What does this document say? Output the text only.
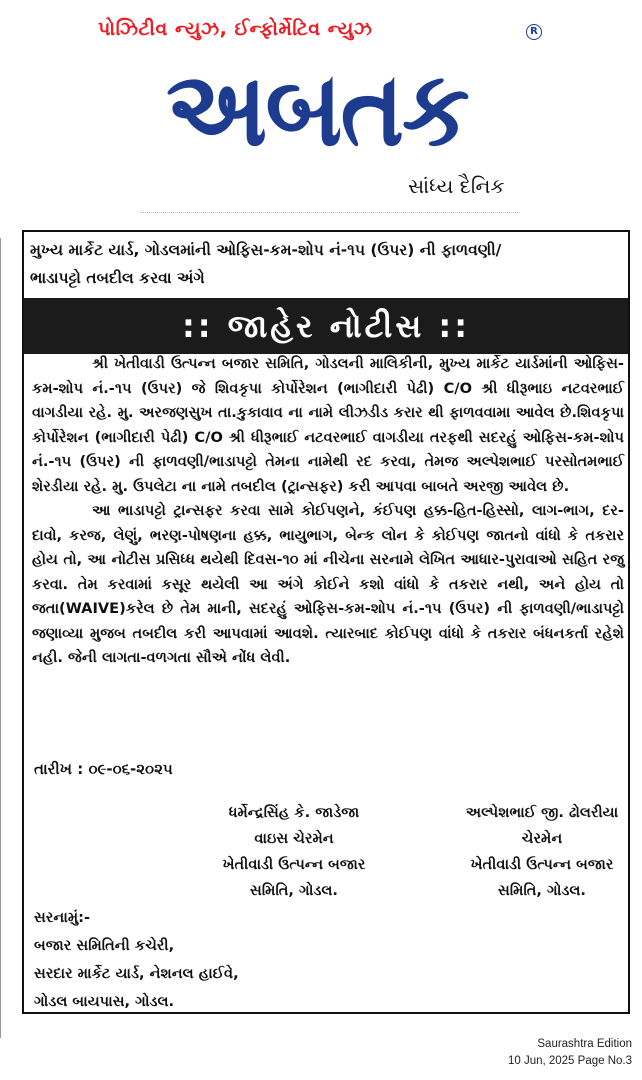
પોઝિટીવ ન્યુઝ, ઈન્ફોર્મેટિવ ન્યુઝ	R
અબતક
સાંધ્ય દૈનિક
મુખ્ય માર્કેટ યાર્ડ, ગોડલમાંની ઓફિસ-કમ-શોપ નં-૧૫ (ઉપર) ની ફાળવણી/
ભાડાપટ્ટો તબદીલ કરવા અંગે
:: જાહેર નોટીસ ::

શ્રી ખેતીવાડી ઉત્પન્ન બજાર સમિતિ, ગોડલની માલિકીની, મુખ્ય માર્કેટ યાર્ડમાંની ઓફિસ-કમ-શોપ નં.-૧૫ (ઉપર) જે શિવકૃપા કોર્પોરેશન (ભાગીદારી પેઢી) C/O શ્રી ધીરૂભાઇ નટવરભાઈ વાગડીયા રહે. મુ. અરજણસુખ તા.કુકાવાવ ના નામે લીઝડીડ કરાર થી ફાળવવામા આવેલ છે.શિવકૃપા કોર્પોરેશન (ભાગીદારી પેઢી) C/O શ્રી ધીરૂભાઈ નટવરભાઈ વાગડીયા તરફથી સદરહું ઓફિસ-કમ-શોપ નં.-૧૫ (ઉપર) ની ફાળવણી/ભાડાપટ્ટો તેમના નામેથી રદ કરવા, તેમજ અલ્પેશભાઈ પરસોતમભાઈ શેરડીયા રહે. મુ. ઉપલેટા ના નામે તબદીલ (ટ્રાન્સફર) કરી આપવા બાબતે અરજી આવેલ છે.

આ ભાડાપટ્ટો ટ્રાન્સફર કરવા સામે કોઈપણને, કંઈપણ હક્ક-હિત-હિસ્સો, લાગ-ભાગ, દર-દાવો, કરજ, લેણું, ભરણ-પોષણના હક્ક, ભાયુભાગ, બેન્ક લોન કે કોઈપણ જાતનો વાંધો કે તકરાર હોય તો, આ નોટીસ પ્રસિધ્ધ થયેથી દિવસ-૧૦ માં નીચેના સરનામે લેખિત આધાર-પુરાવાઓ સહિત રજુ કરવા. તેમ કરવામાં કસૂર થયેલી આ અંગે કોઈને કશો વાંધો કે તકરાર નથી, અને હોય તો જતા(WAIVE)કરેલ છે તેમ માની, સદરહું ઓફિસ-કમ-શોપ નં.-૧૫ (ઉપર) ની ફાળવણી/ભાડાપટ્ટો જણાવ્યા મુજબ તબદીલ કરી આપવામાં આવશે. ત્યારબાદ કોઈપણ વાંધો કે તકરાર બંધનકર્તા રહેશે નહી. જેની લાગતા-વળગતા સૌએ નોંધ લેવી.

તારીખ : ૦૯-૦૬-૨૦૨૫
ધર્મેન્દ્રસિંહ કે. જાડેજા
વાઇસ ચેરમેન
ખેતીવાડી ઉત્પન્ન બજાર
સમિતિ, ગોડલ.
અલ્પેશભાઈ જી. ઢોલરીયા
ચેરમેન
ખેતીવાડી ઉત્પન્ન બજાર
સમિતિ, ગોડલ.
સરનામું:-
બજાર સમિતિની કચેરી,
સરદાર માર્કેટ યાર્ડ, નેશનલ હાઈવે,
ગોડલ બાયપાસ, ગોડલ.
Saurashtra Edition
10 Jun, 2025 Page No.3
